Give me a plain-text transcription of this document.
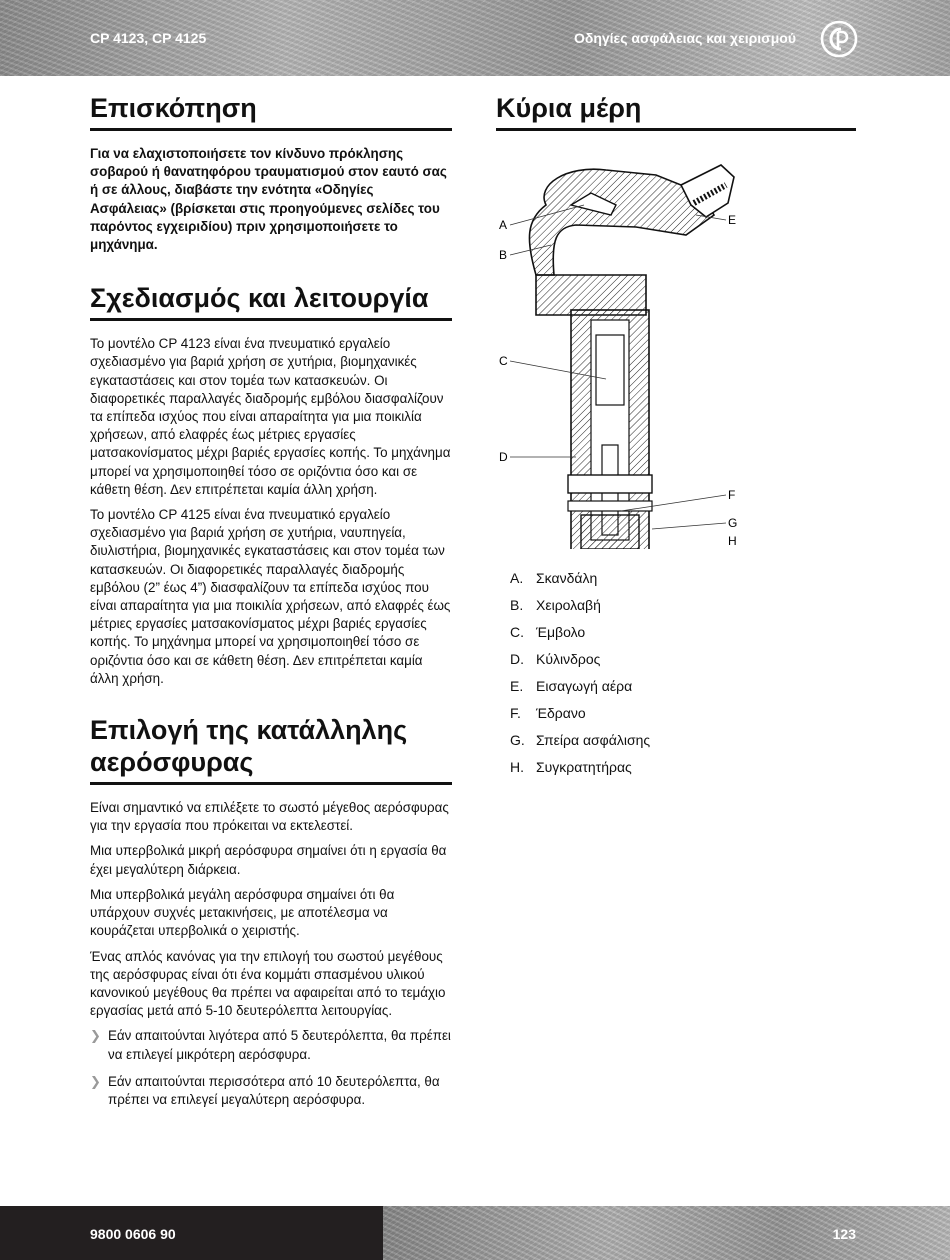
CP 4123, CP 4125	Οδηγίες ασφάλειας και χειρισμού
Επισκόπηση

Για να ελαχιστοποιήσετε τον κίνδυνο πρόκλησης σοβαρού ή θανατηφόρου τραυματισμού στον εαυτό σας ή σε άλλους, διαβάστε την ενότητα «Οδηγίες Ασφάλειας» (βρίσκεται στις προηγούμενες σελίδες του παρόντος εγχειριδίου) πριν χρησιμοποιήσετε το μηχάνημα.

Σχεδιασμός και λειτουργία

Το μοντέλο CP 4123 είναι ένα πνευματικό εργαλείο σχεδιασμένο για βαριά χρήση σε χυτήρια, βιομηχανικές εγκαταστάσεις και στον τομέα των κατασκευών. Οι διαφορετικές παραλλαγές διαδρομής εμβόλου διασφαλίζουν τα επίπεδα ισχύος που είναι απαραίτητα για μια ποικιλία χρήσεων, από ελαφρές έως μέτριες εργασίες ματσακονίσματος μέχρι βαριές εργασίες κοπής. Το μηχάνημα μπορεί να χρησιμοποιηθεί τόσο σε οριζόντια όσο και σε κάθετη θέση. Δεν επιτρέπεται καμία άλλη χρήση.

Το μοντέλο CP 4125 είναι ένα πνευματικό εργαλείο σχεδιασμένο για βαριά χρήση σε χυτήρια, ναυπηγεία, διυλιστήρια, βιομηχανικές εγκαταστάσεις και στον τομέα των κατασκευών. Οι διαφορετικές παραλλαγές διαδρομής εμβόλου (2” έως 4”) διασφαλίζουν τα επίπεδα ισχύος που είναι απαραίτητα για μια ποικιλία χρήσεων, από ελαφρές έως μέτριες εργασίες ματσακονίσματος μέχρι βαριές εργασίες κοπής. Το μηχάνημα μπορεί να χρησιμοποιηθεί τόσο σε οριζόντια όσο και σε κάθετη θέση. Δεν επιτρέπεται καμία άλλη χρήση.

Επιλογή της κατάλληλης αερόσφυρας

Είναι σημαντικό να επιλέξετε το σωστό μέγεθος αερόσφυρας για την εργασία που πρόκειται να εκτελεστεί.

Μια υπερβολικά μικρή αερόσφυρα σημαίνει ότι η εργασία θα έχει μεγαλύτερη διάρκεια.

Μια υπερβολικά μεγάλη αερόσφυρα σημαίνει ότι θα υπάρχουν συχνές μετακινήσεις, με αποτέλεσμα να κουράζεται υπερβολικά ο χειριστής.

Ένας απλός κανόνας για την επιλογή του σωστού μεγέθους της αερόσφυρας είναι ότι ένα κομμάτι σπασμένου υλικού κανονικού μεγέθους θα πρέπει να αφαιρείται από το τεμάχιο εργασίας μετά από 5-10 δευτερόλεπτα λειτουργίας.

❯ Εάν απαιτούνται λιγότερα από 5 δευτερόλεπτα, θα πρέπει να επιλεγεί μικρότερη αερόσφυρα.
❯ Εάν απαιτούνται περισσότερα από 10 δευτερόλεπτα, θα πρέπει να επιλεγεί μεγαλύτερη αερόσφυρα.
Κύρια μέρη
A
B
C
D
E
F
G
H
A. Σκανδάλη
B. Χειρολαβή
C. Έμβολο
D. Κύλινδρος
E. Εισαγωγή αέρα
F. Έδρανο
G. Σπείρα ασφάλισης
H. Συγκρατητήρας
9800 0606 90	123
